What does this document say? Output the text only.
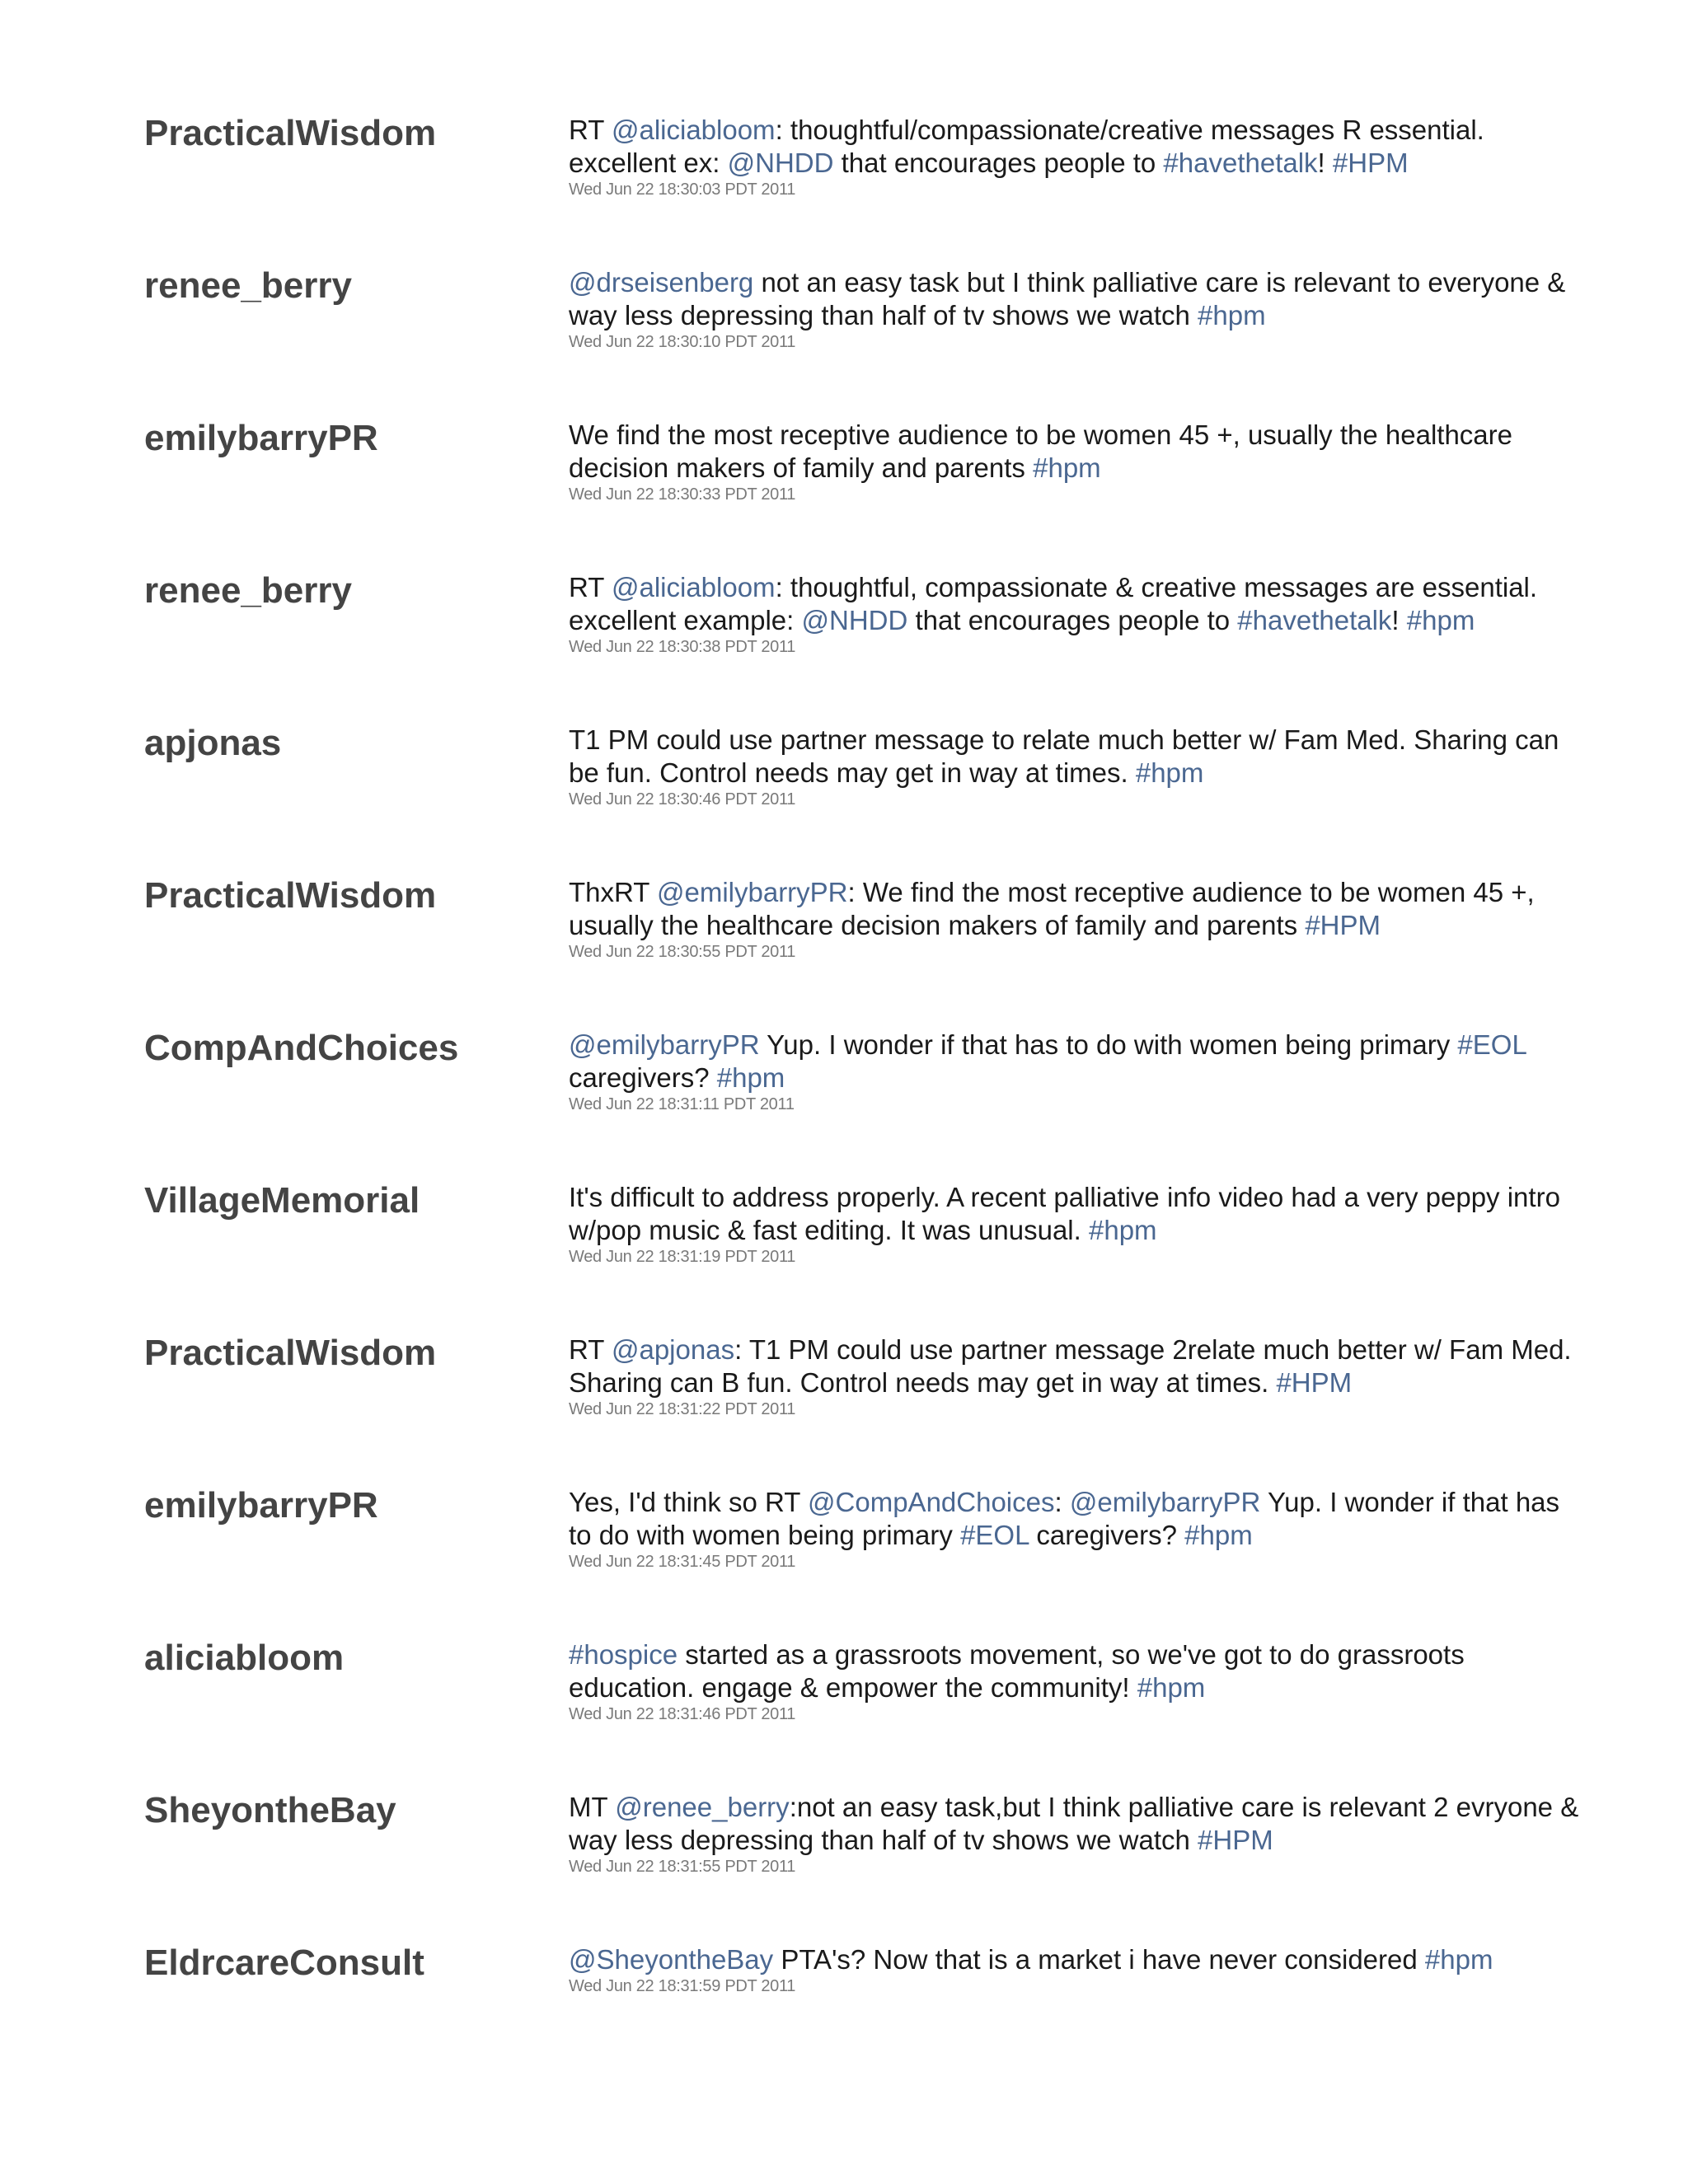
PracticalWisdom	RT @aliciabloom: thoughtful/compassionate/creative messages R essential. excellent ex: @NHDD that encourages people to #havethetalk! #HPM
Wed Jun 22 18:30:03 PDT 2011
renee_berry	@drseisenberg not an easy task but I think palliative care is relevant to everyone & way less depressing than half of tv shows we watch #hpm
Wed Jun 22 18:30:10 PDT 2011
emilybarryPR	We find the most receptive audience to be women 45 +, usually the healthcare decision makers of family and parents #hpm
Wed Jun 22 18:30:33 PDT 2011
renee_berry	RT @aliciabloom: thoughtful, compassionate & creative messages are essential. excellent example: @NHDD that encourages people to #havethetalk! #hpm
Wed Jun 22 18:30:38 PDT 2011
apjonas	T1 PM could use partner message to relate much better w/ Fam Med. Sharing can be fun. Control needs may get in way at times. #hpm
Wed Jun 22 18:30:46 PDT 2011
PracticalWisdom	ThxRT @emilybarryPR: We find the most receptive audience to be women 45 +, usually the healthcare decision makers of family and parents #HPM
Wed Jun 22 18:30:55 PDT 2011
CompAndChoices	@emilybarryPR Yup. I wonder if that has to do with women being primary #EOL caregivers? #hpm
Wed Jun 22 18:31:11 PDT 2011
VillageMemorial	It's difficult to address properly. A recent palliative info video had a very peppy intro w/pop music & fast editing. It was unusual. #hpm
Wed Jun 22 18:31:19 PDT 2011
PracticalWisdom	RT @apjonas: T1 PM could use partner message 2relate much better w/ Fam Med. Sharing can B fun. Control needs may get in way at times. #HPM
Wed Jun 22 18:31:22 PDT 2011
emilybarryPR	Yes, I'd think so RT @CompAndChoices: @emilybarryPR Yup. I wonder if that has to do with women being primary #EOL caregivers? #hpm
Wed Jun 22 18:31:45 PDT 2011
aliciabloom	#hospice started as a grassroots movement, so we've got to do grassroots education. engage & empower the community! #hpm
Wed Jun 22 18:31:46 PDT 2011
SheyontheBay	MT @renee_berry:not an easy task,but I think palliative care is relevant 2 evryone & way less depressing than half of tv shows we watch #HPM
Wed Jun 22 18:31:55 PDT 2011
EldrcareConsult	@SheyontheBay PTA's? Now that is a market i have never considered #hpm
Wed Jun 22 18:31:59 PDT 2011
